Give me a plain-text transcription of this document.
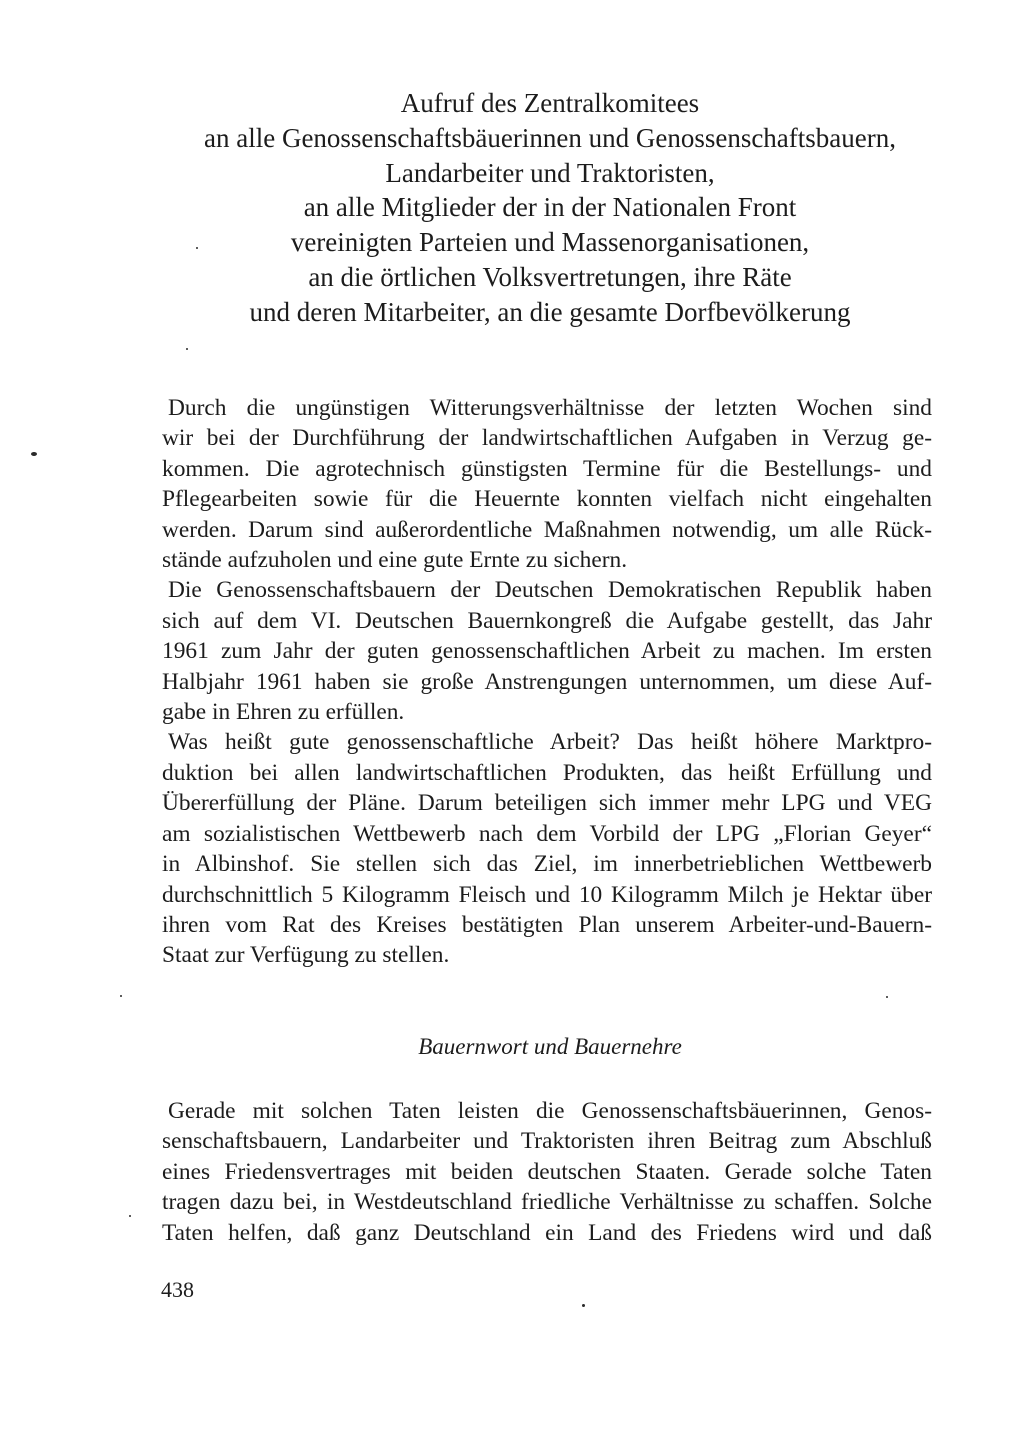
Aufruf des Zentralkomitees
an alle Genossenschaftsbäuerinnen und Genossenschaftsbauern,
Landarbeiter und Traktoristen,
an alle Mitglieder der in der Nationalen Front
vereinigten Parteien und Massenorganisationen,
an die örtlichen Volksvertretungen, ihre Räte
und deren Mitarbeiter, an die gesamte Dorfbevölkerung
Durch die ungünstigen Witterungsverhältnisse der letzten Wochen sind
wir bei der Durchführung der landwirtschaftlichen Aufgaben in Verzug ge-
kommen. Die agrotechnisch günstigsten Termine für die Bestellungs- und
Pflegearbeiten sowie für die Heuernte konnten vielfach nicht eingehalten
werden. Darum sind außerordentliche Maßnahmen notwendig, um alle Rück-
stände aufzuholen und eine gute Ernte zu sichern.
Die Genossenschaftsbauern der Deutschen Demokratischen Republik haben
sich auf dem VI. Deutschen Bauernkongreß die Aufgabe gestellt, das Jahr
1961 zum Jahr der guten genossenschaftlichen Arbeit zu machen. Im ersten
Halbjahr 1961 haben sie große Anstrengungen unternommen, um diese Auf-
gabe in Ehren zu erfüllen.
Was heißt gute genossenschaftliche Arbeit? Das heißt höhere Marktpro-
duktion bei allen landwirtschaftlichen Produkten, das heißt Erfüllung und
Übererfüllung der Pläne. Darum beteiligen sich immer mehr LPG und VEG
am sozialistischen Wettbewerb nach dem Vorbild der LPG „Florian Geyer“
in Albinshof. Sie stellen sich das Ziel, im innerbetrieblichen Wettbewerb
durchschnittlich 5 Kilogramm Fleisch und 10 Kilogramm Milch je Hektar über
ihren vom Rat des Kreises bestätigten Plan unserem Arbeiter-und-Bauern-
Staat zur Verfügung zu stellen.
Bauernwort und Bauernehre
Gerade mit solchen Taten leisten die Genossenschaftsbäuerinnen, Genos-
senschaftsbauern, Landarbeiter und Traktoristen ihren Beitrag zum Abschluß
eines Friedensvertrages mit beiden deutschen Staaten. Gerade solche Taten
tragen dazu bei, in Westdeutschland friedliche Verhältnisse zu schaffen. Solche
Taten helfen, daß ganz Deutschland ein Land des Friedens wird und daß
438
